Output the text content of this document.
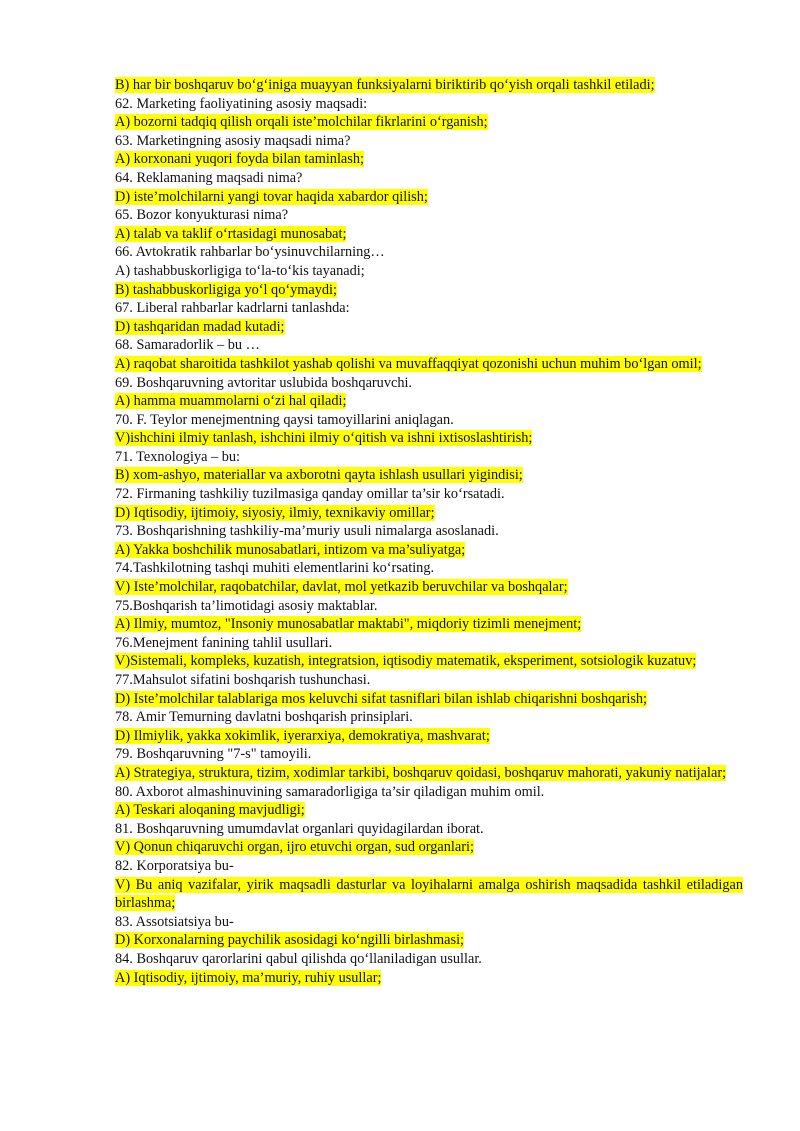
B) har bir boshqaruv bo‘g‘iniga muayyan funksiyalarni biriktirib qo‘yish orqali tashkil etiladi;
62. Marketing faoliyatining asosiy maqsadi:
A) bozorni tadqiq qilish orqali iste’molchilar fikrlarini o‘rganish;
63. Marketingning asosiy maqsadi nima?
A) korxonani yuqori foyda bilan taminlash;
64. Reklamaning maqsadi nima?
D) iste’molchilarni yangi tovar haqida xabardor qilish;
65. Bozor konyukturasi nima?
A) talab va taklif o‘rtasidagi munosabat;
66. Avtokratik rahbarlar bo‘ysinuvchilarning…
A) tashabbuskorligiga to‘la-to‘kis tayanadi;
B) tashabbuskorligiga yo‘l qo‘ymaydi;
67. Liberal rahbarlar kadrlarni tanlashda:
D) tashqaridan madad kutadi;
68. Samaradorlik – bu …
A) raqobat sharoitida tashkilot yashab qolishi va muvaffaqqiyat qozonishi uchun muhim bo‘lgan omil;
69. Boshqaruvning avtoritar uslubida boshqaruvchi.
A) hamma muammolarni o‘zi hal qiladi;
70. F. Teylor menejmentning qaysi tamoyillarini aniqlagan.
V)ishchini ilmiy tanlash, ishchini ilmiy o‘qitish va ishni ixtisoslashtirish;
71. Texnologiya – bu:
B) xom-ashyo, materiallar va axborotni qayta ishlash usullari yigindisi;
72. Firmaning tashkiliy tuzilmasiga qanday omillar ta’sir ko‘rsatadi.
D) Iqtisodiy, ijtimoiy, siyosiy, ilmiy, texnikaviy omillar;
73. Boshqarishning tashkiliy-ma’muriy usuli nimalarga asoslanadi.
A) Yakka boshchilik munosabatlari, intizom va ma’suliyatga;
74.Tashkilotning tashqi muhiti elementlarini ko‘rsating.
V) Iste’molchilar, raqobatchilar, davlat, mol yetkazib beruvchilar va boshqalar;
75.Boshqarish ta’limotidagi asosiy maktablar.
A) Ilmiy, mumtoz, "Insoniy munosabatlar maktabi", miqdoriy tizimli menejment;
76.Menejment fanining tahlil usullari.
V)Sistemali, kompleks, kuzatish, integratsion, iqtisodiy matematik, eksperiment, sotsiologik kuzatuv;
77.Mahsulot sifatini boshqarish tushunchasi.
D) Iste’molchilar talablariga mos keluvchi sifat tasniflari bilan ishlab chiqarishni boshqarish;
78. Amir Temurning davlatni boshqarish prinsiplari.
D) Ilmiylik, yakka xokimlik, iyerarxiya, demokratiya, mashvarat;
79. Boshqaruvning "7-s" tamoyili.
A) Strategiya, struktura, tizim, xodimlar tarkibi, boshqaruv qoidasi, boshqaruv mahorati, yakuniy natijalar;
80. Axborot almashinuvining samaradorligiga ta’sir qiladigan muhim omil.
A) Teskari aloqaning mavjudligi;
81. Boshqaruvning umumdavlat organlari quyidagilardan iborat.
V) Qonun chiqaruvchi organ, ijro etuvchi organ, sud organlari;
82. Korporatsiya bu-
V) Bu aniq vazifalar, yirik maqsadli dasturlar va loyihalarni amalga oshirish maqsadida tashkil etiladigan birlashma;
83. Assotsiatsiya bu-
D) Korxonalarning paychilik asosidagi ko‘ngilli birlashmasi;
84. Boshqaruv qarorlarini qabul qilishda qo‘llaniladigan usullar.
A) Iqtisodiy, ijtimoiy, ma’muriy, ruhiy usullar;
